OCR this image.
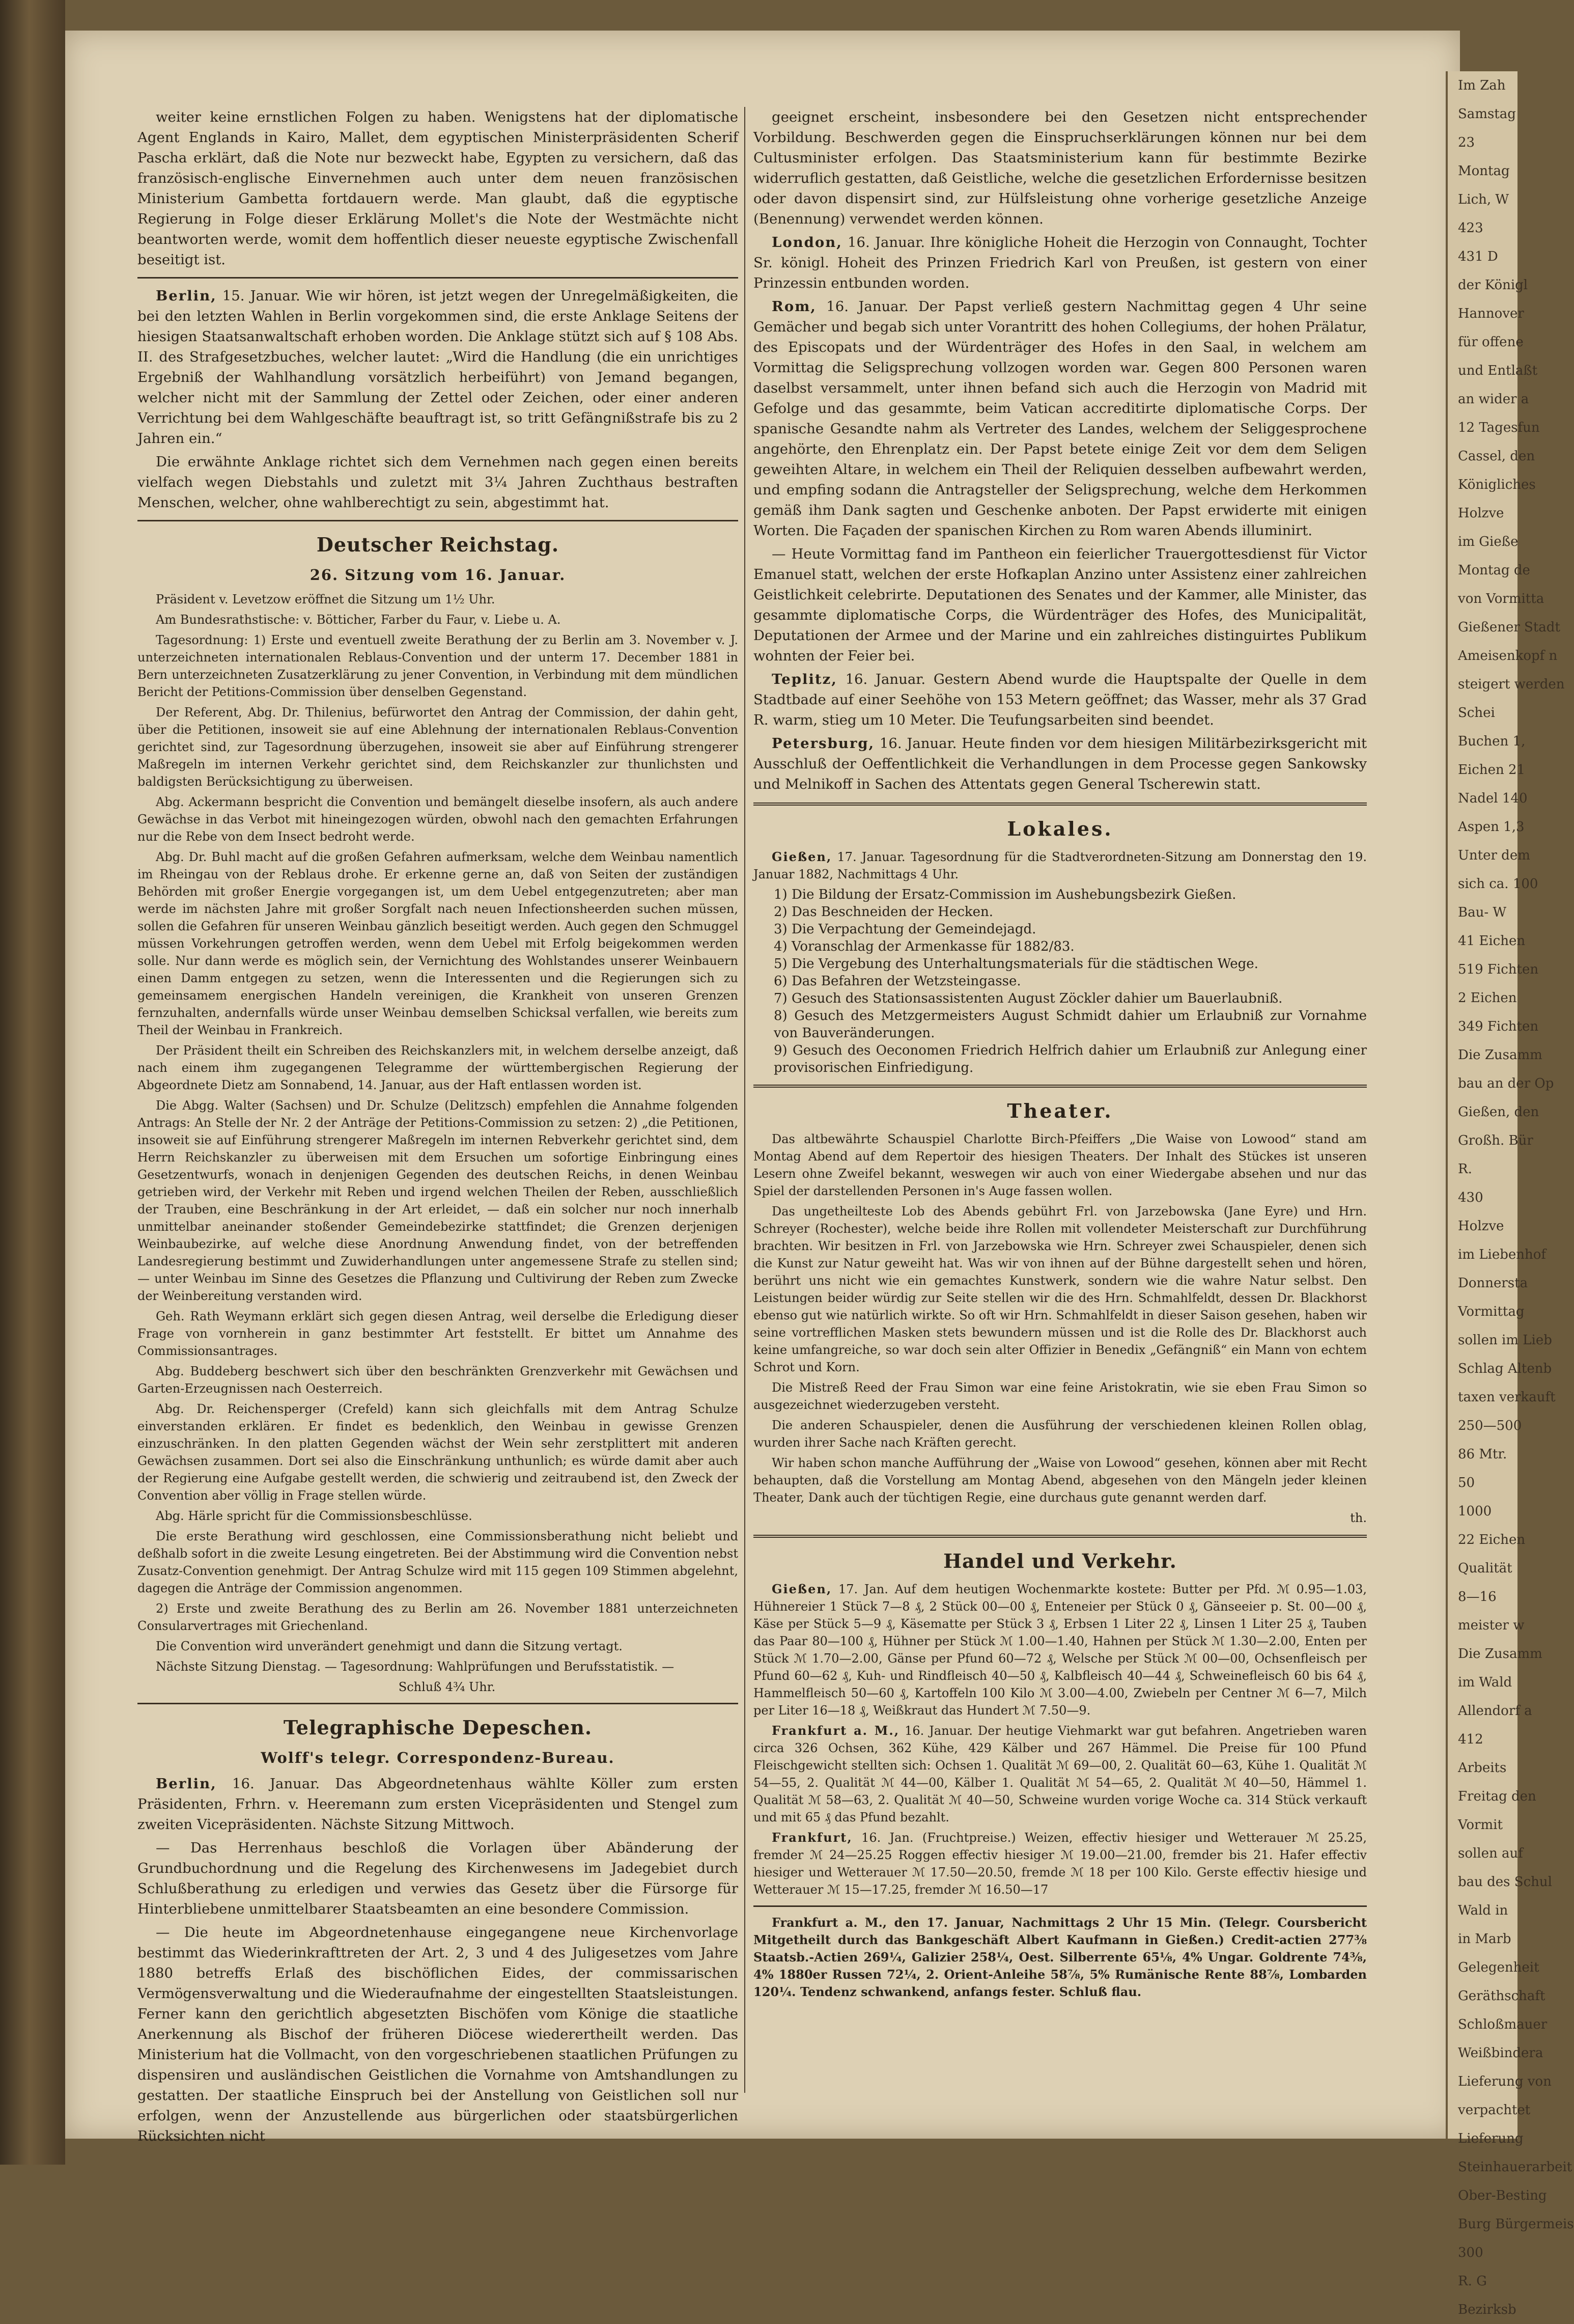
weiter keine ernstlichen Folgen zu haben. Wenigstens hat der diplomatische Agent Englands in Kairo, Mallet, dem egyptischen Ministerpräsidenten Scherif Pascha erklärt, daß die Note nur bezweckt habe, Egypten zu versichern, daß das französisch-englische Einvernehmen auch unter dem neuen französischen Ministerium Gambetta fortdauern werde. Man glaubt, daß die egyptische Regierung in Folge dieser Erklärung Mollet's die Note der Westmächte nicht beantworten werde, womit dem hoffentlich dieser neueste egyptische Zwischenfall beseitigt ist.

Berlin, 15. Januar. Wie wir hören, ist jetzt wegen der Unregelmäßigkeiten, die bei den letzten Wahlen in Berlin vorgekommen sind, die erste Anklage Seitens der hiesigen Staatsanwaltschaft erhoben worden. Die Anklage stützt sich auf § 108 Abs. II. des Strafgesetzbuches, welcher lautet: „Wird die Handlung (die ein unrichtiges Ergebniß der Wahlhandlung vorsätzlich herbeiführt) von Jemand begangen, welcher nicht mit der Sammlung der Zettel oder Zeichen, oder einer anderen Verrichtung bei dem Wahlgeschäfte beauftragt ist, so tritt Gefängnißstrafe bis zu 2 Jahren ein.“

Die erwähnte Anklage richtet sich dem Vernehmen nach gegen einen bereits vielfach wegen Diebstahls und zuletzt mit 3¼ Jahren Zuchthaus bestraften Menschen, welcher, ohne wahlberechtigt zu sein, abgestimmt hat.

Deutscher Reichstag.
26. Sitzung vom 16. Januar.

Präsident v. Levetzow eröffnet die Sitzung um 1½ Uhr.

Am Bundesrathstische: v. Bötticher, Farber du Faur, v. Liebe u. A.

Tagesordnung: 1) Erste und eventuell zweite Berathung der zu Berlin am 3. November v. J. unterzeichneten internationalen Reblaus-Convention und der unterm 17. December 1881 in Bern unterzeichneten Zusatzerklärung zu jener Convention, in Verbindung mit dem mündlichen Bericht der Petitions-Commission über denselben Gegenstand.

Der Referent, Abg. Dr. Thilenius, befürwortet den Antrag der Commission, der dahin geht, über die Petitionen, insoweit sie auf eine Ablehnung der internationalen Reblaus-Convention gerichtet sind, zur Tagesordnung überzugehen, insoweit sie aber auf Einführung strengerer Maßregeln im internen Verkehr gerichtet sind, dem Reichskanzler zur thunlichsten und baldigsten Berücksichtigung zu überweisen.

Abg. Ackermann bespricht die Convention und bemängelt dieselbe insofern, als auch andere Gewächse in das Verbot mit hineingezogen würden, obwohl nach den gemachten Erfahrungen nur die Rebe von dem Insect bedroht werde.

Abg. Dr. Buhl macht auf die großen Gefahren aufmerksam, welche dem Weinbau namentlich im Rheingau von der Reblaus drohe. Er erkenne gerne an, daß von Seiten der zuständigen Behörden mit großer Energie vorgegangen ist, um dem Uebel entgegenzutreten; aber man werde im nächsten Jahre mit großer Sorgfalt nach neuen Infectionsheerden suchen müssen, sollen die Gefahren für unseren Weinbau gänzlich beseitigt werden. Auch gegen den Schmuggel müssen Vorkehrungen getroffen werden, wenn dem Uebel mit Erfolg beigekommen werden solle. Nur dann werde es möglich sein, der Vernichtung des Wohlstandes unserer Weinbauern einen Damm entgegen zu setzen, wenn die Interessenten und die Regierungen sich zu gemeinsamem energischen Handeln vereinigen, die Krankheit von unseren Grenzen fernzuhalten, andernfalls würde unser Weinbau demselben Schicksal verfallen, wie bereits zum Theil der Weinbau in Frankreich.

Der Präsident theilt ein Schreiben des Reichskanzlers mit, in welchem derselbe anzeigt, daß nach einem ihm zugegangenen Telegramme der württembergischen Regierung der Abgeordnete Dietz am Sonnabend, 14. Januar, aus der Haft entlassen worden ist.

Die Abgg. Walter (Sachsen) und Dr. Schulze (Delitzsch) empfehlen die Annahme folgenden Antrags: An Stelle der Nr. 2 der Anträge der Petitions-Commission zu setzen: 2) „die Petitionen, insoweit sie auf Einführung strengerer Maßregeln im internen Rebverkehr gerichtet sind, dem Herrn Reichskanzler zu überweisen mit dem Ersuchen um sofortige Einbringung eines Gesetzentwurfs, wonach in denjenigen Gegenden des deutschen Reichs, in denen Weinbau getrieben wird, der Verkehr mit Reben und irgend welchen Theilen der Reben, ausschließlich der Trauben, eine Beschränkung in der Art erleidet, — daß ein solcher nur noch innerhalb unmittelbar aneinander stoßender Gemeindebezirke stattfindet; die Grenzen derjenigen Weinbaubezirke, auf welche diese Anordnung Anwendung findet, von der betreffenden Landesregierung bestimmt und Zuwiderhandlungen unter angemessene Strafe zu stellen sind; — unter Weinbau im Sinne des Gesetzes die Pflanzung und Cultivirung der Reben zum Zwecke der Weinbereitung verstanden wird.

Geh. Rath Weymann erklärt sich gegen diesen Antrag, weil derselbe die Erledigung dieser Frage von vornherein in ganz bestimmter Art feststellt. Er bittet um Annahme des Commissionsantrages.

Abg. Buddeberg beschwert sich über den beschränkten Grenzverkehr mit Gewächsen und Garten-Erzeugnissen nach Oesterreich.

Abg. Dr. Reichensperger (Crefeld) kann sich gleichfalls mit dem Antrag Schulze einverstanden erklären. Er findet es bedenklich, den Weinbau in gewisse Grenzen einzuschränken. In den platten Gegenden wächst der Wein sehr zerstplittert mit anderen Gewächsen zusammen. Dort sei also die Einschränkung unthunlich; es würde damit aber auch der Regierung eine Aufgabe gestellt werden, die schwierig und zeitraubend ist, den Zweck der Convention aber völlig in Frage stellen würde.

Abg. Härle spricht für die Commissionsbeschlüsse.

Die erste Berathung wird geschlossen, eine Commissionsberathung nicht beliebt und deßhalb sofort in die zweite Lesung eingetreten. Bei der Abstimmung wird die Convention nebst Zusatz-Convention genehmigt. Der Antrag Schulze wird mit 115 gegen 109 Stimmen abgelehnt, dagegen die Anträge der Commission angenommen.

2) Erste und zweite Berathung des zu Berlin am 26. November 1881 unterzeichneten Consularvertrages mit Griechenland.

Die Convention wird unverändert genehmigt und dann die Sitzung vertagt.

Nächste Sitzung Dienstag. — Tagesordnung: Wahlprüfungen und Berufsstatistik. —

Schluß 4¾ Uhr.

Telegraphische Depeschen.
Wolff's telegr. Correspondenz-Bureau.

Berlin, 16. Januar. Das Abgeordnetenhaus wählte Köller zum ersten Präsidenten, Frhrn. v. Heeremann zum ersten Vicepräsidenten und Stengel zum zweiten Vicepräsidenten. Nächste Sitzung Mittwoch.

— Das Herrenhaus beschloß die Vorlagen über Abänderung der Grundbuchordnung und die Regelung des Kirchenwesens im Jadegebiet durch Schlußberathung zu erledigen und verwies das Gesetz über die Fürsorge für Hinterbliebene unmittelbarer Staatsbeamten an eine besondere Commission.

— Die heute im Abgeordnetenhause eingegangene neue Kirchenvorlage bestimmt das Wiederinkrafttreten der Art. 2, 3 und 4 des Juligesetzes vom Jahre 1880 betreffs Erlaß des bischöflichen Eides, der commissarischen Vermögensverwaltung und die Wiederaufnahme der eingestellten Staatsleistungen. Ferner kann den gerichtlich abgesetzten Bischöfen vom Könige die staatliche Anerkennung als Bischof der früheren Diöcese wiederertheilt werden. Das Ministerium hat die Vollmacht, von den vorgeschriebenen staatlichen Prüfungen zu dispensiren und ausländischen Geistlichen die Vornahme von Amtshandlungen zu gestatten. Der staatliche Einspruch bei der Anstellung von Geistlichen soll nur erfolgen, wenn der Anzustellende aus bürgerlichen oder staatsbürgerlichen Rücksichten nicht

geeignet erscheint, insbesondere bei den Gesetzen nicht entsprechender Vorbildung. Beschwerden gegen die Einspruchserklärungen können nur bei dem Cultusminister erfolgen. Das Staatsministerium kann für bestimmte Bezirke widerruflich gestatten, daß Geistliche, welche die gesetzlichen Erfordernisse besitzen oder davon dispensirt sind, zur Hülfsleistung ohne vorherige gesetzliche Anzeige (Benennung) verwendet werden können.

London, 16. Januar. Ihre königliche Hoheit die Herzogin von Connaught, Tochter Sr. königl. Hoheit des Prinzen Friedrich Karl von Preußen, ist gestern von einer Prinzessin entbunden worden.

Rom, 16. Januar. Der Papst verließ gestern Nachmittag gegen 4 Uhr seine Gemächer und begab sich unter Vorantritt des hohen Collegiums, der hohen Prälatur, des Episcopats und der Würdenträger des Hofes in den Saal, in welchem am Vormittag die Seligsprechung vollzogen worden war. Gegen 800 Personen waren daselbst versammelt, unter ihnen befand sich auch die Herzogin von Madrid mit Gefolge und das gesammte, beim Vatican accreditirte diplomatische Corps. Der spanische Gesandte nahm als Vertreter des Landes, welchem der Seliggesprochene angehörte, den Ehrenplatz ein. Der Papst betete einige Zeit vor dem dem Seligen geweihten Altare, in welchem ein Theil der Reliquien desselben aufbewahrt werden, und empfing sodann die Antragsteller der Seligsprechung, welche dem Herkommen gemäß ihm Dank sagten und Geschenke anboten. Der Papst erwiderte mit einigen Worten. Die Façaden der spanischen Kirchen zu Rom waren Abends illuminirt.

— Heute Vormittag fand im Pantheon ein feierlicher Trauergottesdienst für Victor Emanuel statt, welchen der erste Hofkaplan Anzino unter Assistenz einer zahlreichen Geistlichkeit celebrirte. Deputationen des Senates und der Kammer, alle Minister, das gesammte diplomatische Corps, die Würdenträger des Hofes, des Municipalität, Deputationen der Armee und der Marine und ein zahlreiches distinguirtes Publikum wohnten der Feier bei.

Teplitz, 16. Januar. Gestern Abend wurde die Hauptspalte der Quelle in dem Stadtbade auf einer Seehöhe von 153 Metern geöffnet; das Wasser, mehr als 37 Grad R. warm, stieg um 10 Meter. Die Teufungsarbeiten sind beendet.

Petersburg, 16. Januar. Heute finden vor dem hiesigen Militärbezirksgericht mit Ausschluß der Oeffentlichkeit die Verhandlungen in dem Processe gegen Sankowsky und Melnikoff in Sachen des Attentats gegen General Tscherewin statt.

Lokales.

Gießen, 17. Januar. Tagesordnung für die Stadtverordneten-Sitzung am Donnerstag den 19. Januar 1882, Nachmittags 4 Uhr.

1) Die Bildung der Ersatz-Commission im Aushebungsbezirk Gießen.
2) Das Beschneiden der Hecken.
3) Die Verpachtung der Gemeindejagd.
4) Voranschlag der Armenkasse für 1882/83.
5) Die Vergebung des Unterhaltungsmaterials für die städtischen Wege.
6) Das Befahren der Wetzsteingasse.
7) Gesuch des Stationsassistenten August Zöckler dahier um Bauerlaubniß.
8) Gesuch des Metzgermeisters August Schmidt dahier um Erlaubniß zur Vornahme von Bauveränderungen.
9) Gesuch des Oeconomen Friedrich Helfrich dahier um Erlaubniß zur Anlegung einer provisorischen Einfriedigung.
Theater.

Das altbewährte Schauspiel Charlotte Birch-Pfeiffers „Die Waise von Lowood“ stand am Montag Abend auf dem Repertoir des hiesigen Theaters. Der Inhalt des Stückes ist unseren Lesern ohne Zweifel bekannt, weswegen wir auch von einer Wiedergabe absehen und nur das Spiel der darstellenden Personen in's Auge fassen wollen.

Das ungetheilteste Lob des Abends gebührt Frl. von Jarzebowska (Jane Eyre) und Hrn. Schreyer (Rochester), welche beide ihre Rollen mit vollendeter Meisterschaft zur Durchführung brachten. Wir besitzen in Frl. von Jarzebowska wie Hrn. Schreyer zwei Schauspieler, denen sich die Kunst zur Natur geweiht hat. Was wir von ihnen auf der Bühne dargestellt sehen und hören, berührt uns nicht wie ein gemachtes Kunstwerk, sondern wie die wahre Natur selbst. Den Leistungen beider würdig zur Seite stellen wir die des Hrn. Schmahlfeldt, dessen Dr. Blackhorst ebenso gut wie natürlich wirkte. So oft wir Hrn. Schmahlfeldt in dieser Saison gesehen, haben wir seine vortrefflichen Masken stets bewundern müssen und ist die Rolle des Dr. Blackhorst auch keine umfangreiche, so war doch sein alter Offizier in Benedix „Gefängniß“ ein Mann von echtem Schrot und Korn.

Die Mistreß Reed der Frau Simon war eine feine Aristokratin, wie sie eben Frau Simon so ausgezeichnet wiederzugeben versteht.

Die anderen Schauspieler, denen die Ausführung der verschiedenen kleinen Rollen oblag, wurden ihrer Sache nach Kräften gerecht.

Wir haben schon manche Aufführung der „Waise von Lowood“ gesehen, können aber mit Recht behaupten, daß die Vorstellung am Montag Abend, abgesehen von den Mängeln jeder kleinen Theater, Dank auch der tüchtigen Regie, eine durchaus gute genannt werden darf.

th.

Handel und Verkehr.

Gießen, 17. Jan. Auf dem heutigen Wochenmarkte kostete: Butter per Pfd. ℳ 0.95—1.03, Hühnereier 1 Stück 7—8 ₰, 2 Stück 00—00 ₰, Enteneier per Stück 0 ₰, Gänseeier p. St. 00—00 ₰, Käse per Stück 5—9 ₰, Käsematte per Stück 3 ₰, Erbsen 1 Liter 22 ₰, Linsen 1 Liter 25 ₰, Tauben das Paar 80—100 ₰, Hühner per Stück ℳ 1.00—1.40, Hahnen per Stück ℳ 1.30—2.00, Enten per Stück ℳ 1.70—2.00, Gänse per Pfund 60—72 ₰, Welsche per Stück ℳ 00—00, Ochsenfleisch per Pfund 60—62 ₰, Kuh- und Rindfleisch 40—50 ₰, Kalbfleisch 40—44 ₰, Schweinefleisch 60 bis 64 ₰, Hammelfleisch 50—60 ₰, Kartoffeln 100 Kilo ℳ 3.00—4.00, Zwiebeln per Centner ℳ 6—7, Milch per Liter 16—18 ₰, Weißkraut das Hundert ℳ 7.50—9.

Frankfurt a. M., 16. Januar. Der heutige Viehmarkt war gut befahren. Angetrieben waren circa 326 Ochsen, 362 Kühe, 429 Kälber und 267 Hämmel. Die Preise für 100 Pfund Fleischgewicht stellten sich: Ochsen 1. Qualität ℳ 69—00, 2. Qualität 60—63, Kühe 1. Qualität ℳ 54—55, 2. Qualität ℳ 44—00, Kälber 1. Qualität ℳ 54—65, 2. Qualität ℳ 40—50, Hämmel 1. Qualität ℳ 58—63, 2. Qualität ℳ 40—50, Schweine wurden vorige Woche ca. 314 Stück verkauft und mit 65 ₰ das Pfund bezahlt.

Frankfurt, 16. Jan. (Fruchtpreise.) Weizen, effectiv hiesiger und Wetterauer ℳ 25.25, fremder ℳ 24—25.25 Roggen effectiv hiesiger ℳ 19.00—21.00, fremder bis 21. Hafer effectiv hiesiger und Wetterauer ℳ 17.50—20.50, fremde ℳ 18 per 100 Kilo. Gerste effectiv hiesige und Wetterauer ℳ 15—17.25, fremder ℳ 16.50—17

Frankfurt a. M., den 17. Januar, Nachmittags 2 Uhr 15 Min. (Telegr. Coursbericht Mitgetheilt durch das Bankgeschäft Albert Kaufmann in Gießen.) Credit-actien 277⅜ Staatsb.-Actien 269¼, Galizier 258¼, Oest. Silberrente 65⅛, 4% Ungar. Goldrente 74⅜, 4% 1880er Russen 72¼, 2. Orient-Anleihe 58⅞, 5% Rumänische Rente 88⅞, Lombarden 120¼. Tendenz schwankend, anfangs fester. Schluß flau.

Im Zah
Samstag
23
Montag
Lich, W
423
431 D
der Königl
Hannover
für offene
und Entlaßt
an wider a
12 Tagesfun
Cassel, den
Königliches
Holzve
im Gieße
Montag de
von Vormitta
Gießener Stadt
Ameisenkopf n
steigert werden
Schei
Buchen 1,
Eichen 21
Nadel 140
Aspen 1,3
Unter dem
sich ca. 100
Bau- W
41 Eichen
519 Fichten
2 Eichen
349 Fichten
Die Zusamm
bau an der Op
Gießen, den
Großh. Bür
R.
430
Holzve
im Liebenhof
Donnersta
Vormittag
sollen im Lieb
Schlag Altenb
taxen verkauft
250—500
86 Mtr.
50
1000
22 Eichen
Qualität
8—16
meister w
Die Zusamm
im Wald
Allendorf a
412
Arbeits
Freitag den
Vormit
sollen auf
bau des Schul
Wald in
in Marb
Gelegenheit
Geräthschaft
Schloßmauer
Weißbindera
Lieferung von
verpachtet
Lieferung
Steinhauerarbeit
Ober-Besting
Burg Bürgermeis
300
R. G
Bezirksb
